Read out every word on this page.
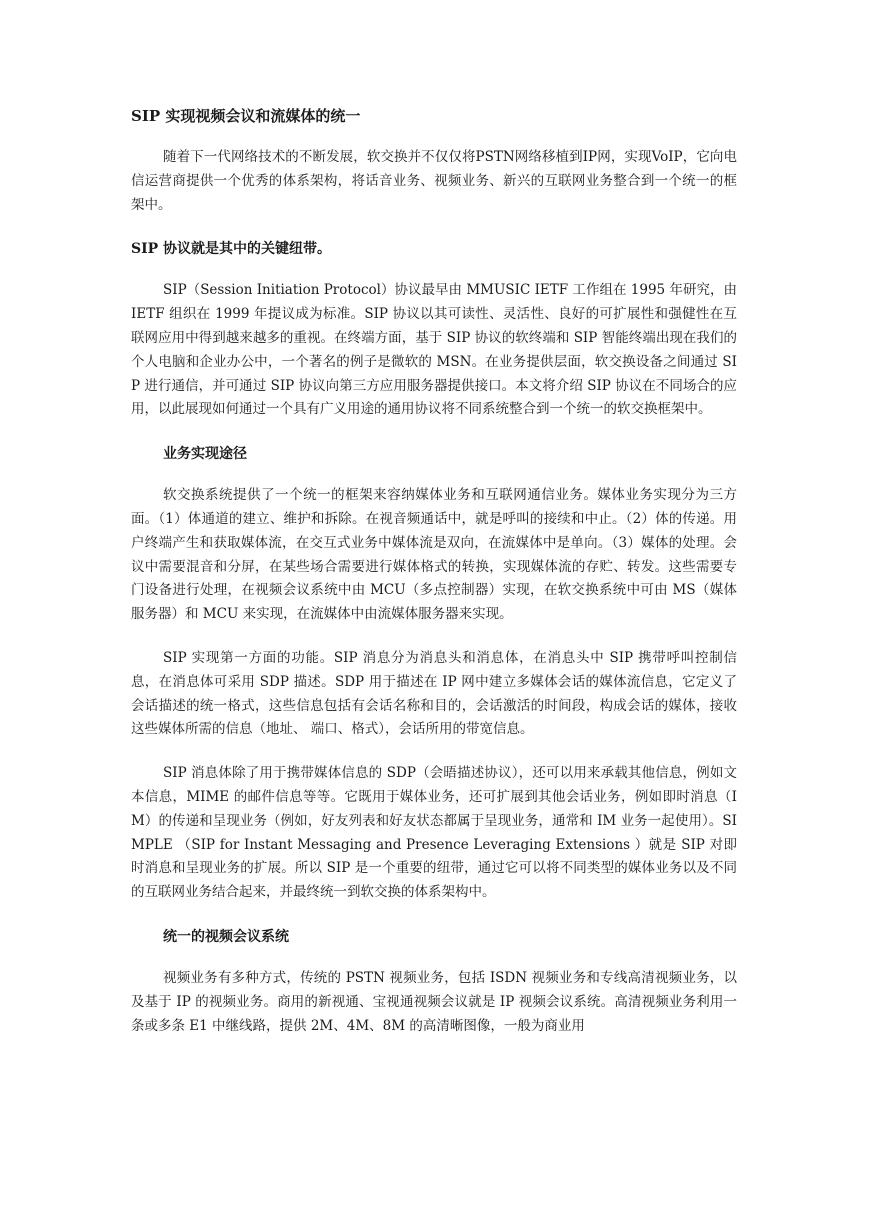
SIP 实现视频会议和流媒体的统一

随着下一代网络技术的不断发展，软交换并不仅仅将PSTN网络移植到IP网，实现VoIP，它向电信运营商提供一个优秀的体系架构，将话音业务、视频业务、新兴的互联网业务整合到一个统一的框架中。

SIP 协议就是其中的关键纽带。

SIP（Session Initiation Protocol）协议最早由 MMUSIC IETF 工作组在 1995 年研究，由 IETF 组织在 1999 年提议成为标准。SIP 协议以其可读性、灵活性、良好的可扩展性和强健性在互联网应用中得到越来越多的重视。在终端方面，基于 SIP 协议的软终端和 SIP 智能终端出现在我们的个人电脑和企业办公中，一个著名的例子是微软的 MSN。在业务提供层面，软交换设备之间通过 SIP 进行通信，并可通过 SIP 协议向第三方应用服务器提供接口。本文将介绍 SIP 协议在不同场合的应用，以此展现如何通过一个具有广义用途的通用协议将不同系统整合到一个统一的软交换框架中。

业务实现途径

软交换系统提供了一个统一的框架来容纳媒体业务和互联网通信业务。媒体业务实现分为三方面。（1）体通道的建立、维护和拆除。在视音频通话中，就是呼叫的接续和中止。（2）体的传递。用户终端产生和获取媒体流，在交互式业务中媒体流是双向，在流媒体中是单向。（3）媒体的处理。会议中需要混音和分屏，在某些场合需要进行媒体格式的转换，实现媒体流的存贮、转发。这些需要专门设备进行处理，在视频会议系统中由 MCU（多点控制器）实现，在软交换系统中可由 MS（媒体服务器）和 MCU 来实现，在流媒体中由流媒体服务器来实现。

SIP 实现第一方面的功能。SIP 消息分为消息头和消息体，在消息头中 SIP 携带呼叫控制信息，在消息体可采用 SDP 描述。SDP 用于描述在 IP 网中建立多媒体会话的媒体流信息，它定义了会话描述的统一格式，这些信息包括有会话名称和目的，会话激活的时间段，构成会话的媒体，接收这些媒体所需的信息（地址、 端口、格式），会话所用的带宽信息。

SIP 消息体除了用于携带媒体信息的 SDP（会晤描述协议），还可以用来承载其他信息，例如文本信息，MIME 的邮件信息等等。它既用于媒体业务，还可扩展到其他会话业务，例如即时消息（IM）的传递和呈现业务（例如，好友列表和好友状态都属于呈现业务，通常和 IM 业务一起使用）。SIMPLE （SIP for Instant Messaging and Presence Leveraging Extensions ）就是 SIP 对即时消息和呈现业务的扩展。所以 SIP 是一个重要的纽带，通过它可以将不同类型的媒体业务以及不同的互联网业务结合起来，并最终统一到软交换的体系架构中。

统一的视频会议系统

视频业务有多种方式，传统的 PSTN 视频业务，包括 ISDN 视频业务和专线高清视频业务，以及基于 IP 的视频业务。商用的新视通、宝视通视频会议就是 IP 视频会议系统。高清视频业务利用一条或多条 E1 中继线路，提供 2M、4M、8M 的高清晰图像，一般为商业用
